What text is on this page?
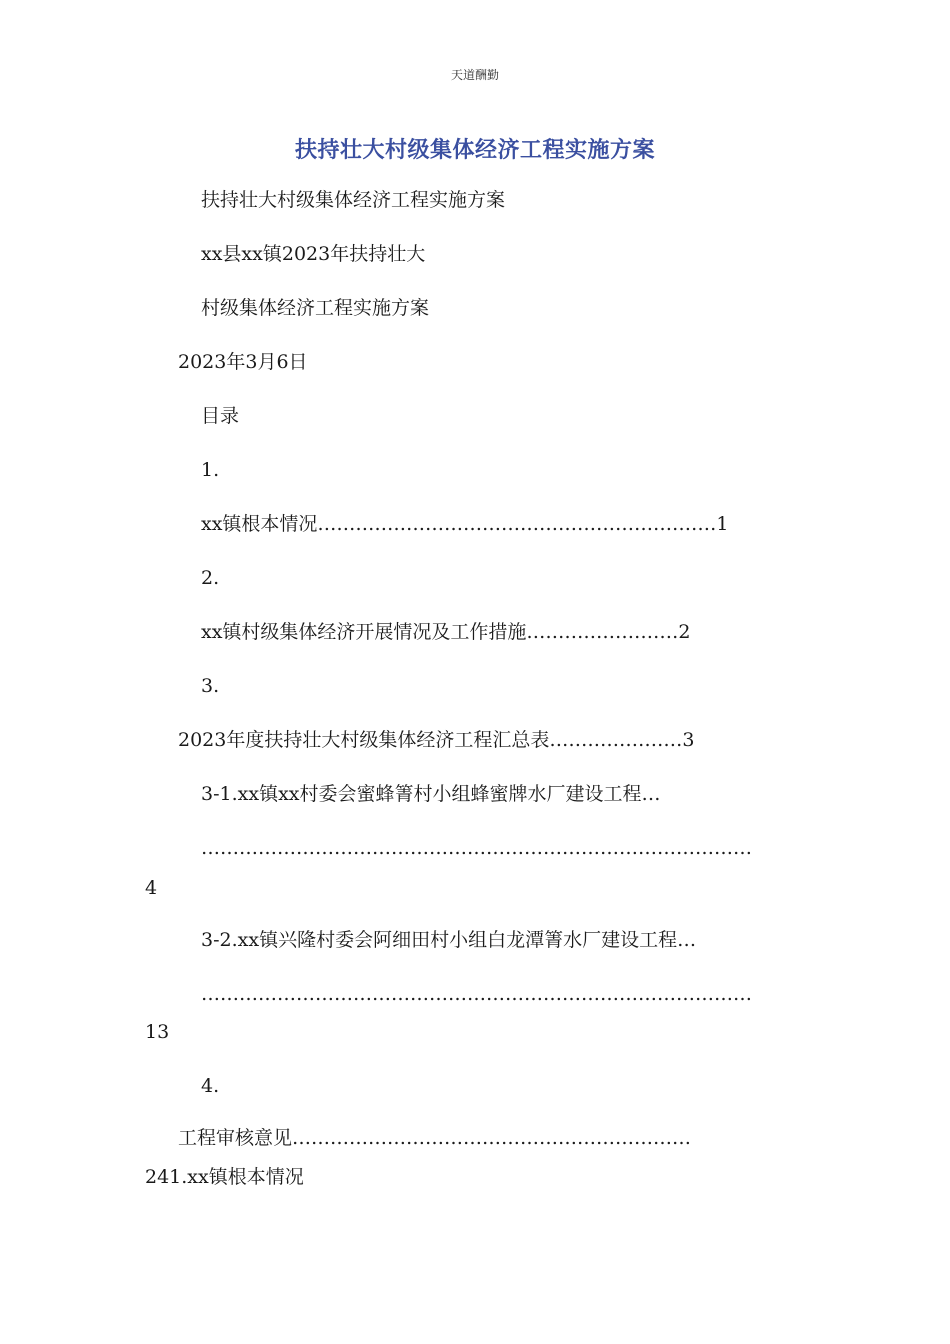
天道酬勤
扶持壮大村级集体经济工程实施方案
扶持壮大村级集体经济工程实施方案
xx县xx镇2023年扶持壮大
村级集体经济工程实施方案
2023年3月6日
目录
1.
xx镇根本情况………………………………………………………1
2.
xx镇村级集体经济开展情况及工作措施……………………2
3.
2023年度扶持壮大村级集体经济工程汇总表…………………3
3-1.xx镇xx村委会蜜蜂箐村小组蜂蜜牌水厂建设工程…
……………………………………………………………………………
4
3-2.xx镇兴隆村委会阿细田村小组白龙潭箐水厂建设工程…
……………………………………………………………………………
13
4.
工程审核意见………………………………………………………
241.xx镇根本情况
